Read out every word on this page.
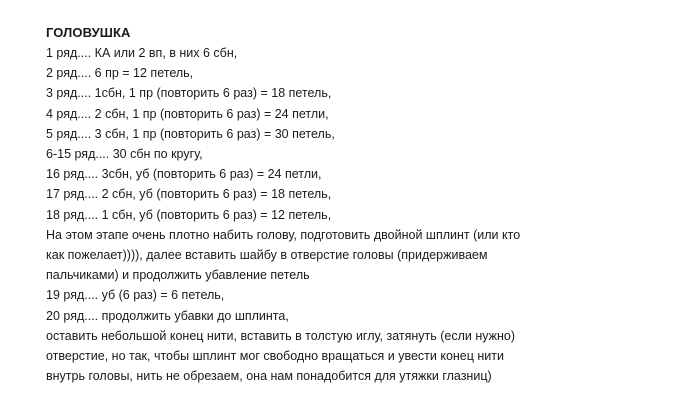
ГОЛОВУШКА
1 ряд.... КА или 2 вп, в них 6 сбн,
2 ряд.... 6 пр = 12 петель,
3 ряд.... 1сбн, 1 пр (повторить 6 раз) = 18 петель,
4 ряд.... 2 сбн, 1 пр (повторить 6 раз) = 24 петли,
5 ряд.... 3 сбн, 1 пр (повторить 6 раз) = 30 петель,
6-15 ряд.... 30 сбн по кругу,
16 ряд.... 3сбн, уб (повторить 6 раз) = 24 петли,
17 ряд.... 2 сбн, уб (повторить 6 раз) = 18 петель,
18 ряд.... 1 сбн, уб (повторить 6 раз) = 12 петель,
На этом этапе очень плотно набить голову, подготовить двойной шплинт (или кто
как пожелает)))), далее вставить шайбу в отверстие головы (придерживаем
пальчиками) и продолжить убавление петель
19 ряд.... уб (6 раз) = 6 петель,
20 ряд.... продолжить убавки до шплинта,
оставить небольшой конец нити, вставить в толстую иглу, затянуть (если нужно)
отверстие, но так, чтобы шплинт мог свободно вращаться и увести конец нити
внутрь головы, нить не обрезаем, она нам понадобится для утяжки глазниц)
